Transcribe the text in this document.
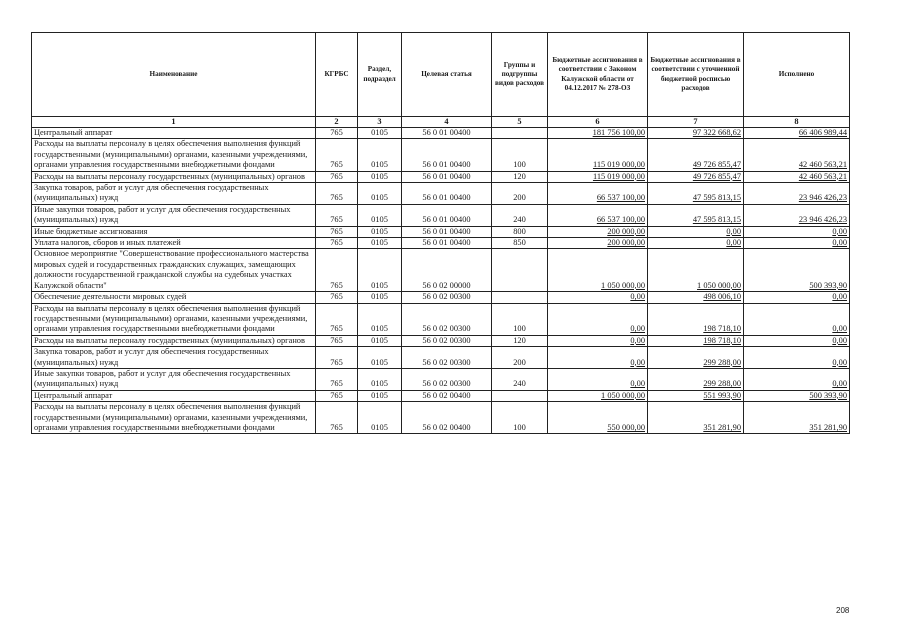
Наименование	КГРБС	Раздел, подраздел	Целевая статья	Группы и подгруппы видов расходов	Бюджетные ассигнования в соответствии с Законом Калужской области от 04.12.2017 № 278-ОЗ	Бюджетные ассигнования в соответствии с уточненной бюджетной росписью расходов	Исполнено
1	2	3	4	5	6	7	8
Центральный аппарат	765	0105	56 0 01 00400		181 756 100,00	97 322 668,62	66 406 989,44
Расходы на выплаты персоналу в целях обеспечения выполнения функций государственными (муниципальными) органами, казенными учреждениями, органами управления государственными внебюджетными фондами	765	0105	56 0 01 00400	100	115 019 000,00	49 726 855,47	42 460 563,21
Расходы на выплаты персоналу государственных (муниципальных) органов	765	0105	56 0 01 00400	120	115 019 000,00	49 726 855,47	42 460 563,21
Закупка товаров, работ и услуг для обеспечения государственных (муниципальных) нужд	765	0105	56 0 01 00400	200	66 537 100,00	47 595 813,15	23 946 426,23
Иные закупки товаров, работ и услуг для обеспечения государственных (муниципальных) нужд	765	0105	56 0 01 00400	240	66 537 100,00	47 595 813,15	23 946 426,23
Иные бюджетные ассигнования	765	0105	56 0 01 00400	800	200 000,00	0,00	0,00
Уплата налогов, сборов и иных платежей	765	0105	56 0 01 00400	850	200 000,00	0,00	0,00
Основное мероприятие "Совершенствование профессионального мастерства мировых судей и государственных гражданских служащих, замещающих должности государственной гражданской службы на судебных участках Калужской области"	765	0105	56 0 02 00000		1 050 000,00	1 050 000,00	500 393,90
Обеспечение деятельности мировых судей	765	0105	56 0 02 00300		0,00	498 006,10	0,00
Расходы на выплаты персоналу в целях обеспечения выполнения функций государственными (муниципальными) органами, казенными учреждениями, органами управления государственными внебюджетными фондами	765	0105	56 0 02 00300	100	0,00	198 718,10	0,00
Расходы на выплаты персоналу государственных (муниципальных) органов	765	0105	56 0 02 00300	120	0,00	198 718,10	0,00
Закупка товаров, работ и услуг для обеспечения государственных (муниципальных) нужд	765	0105	56 0 02 00300	200	0,00	299 288,00	0,00
Иные закупки товаров, работ и услуг для обеспечения государственных (муниципальных) нужд	765	0105	56 0 02 00300	240	0,00	299 288,00	0,00
Центральный аппарат	765	0105	56 0 02 00400		1 050 000,00	551 993,90	500 393,90
Расходы на выплаты персоналу в целях обеспечения выполнения функций государственными (муниципальными) органами, казенными учреждениями, органами управления государственными внебюджетными фондами	765	0105	56 0 02 00400	100	550 000,00	351 281,90	351 281,90
208
